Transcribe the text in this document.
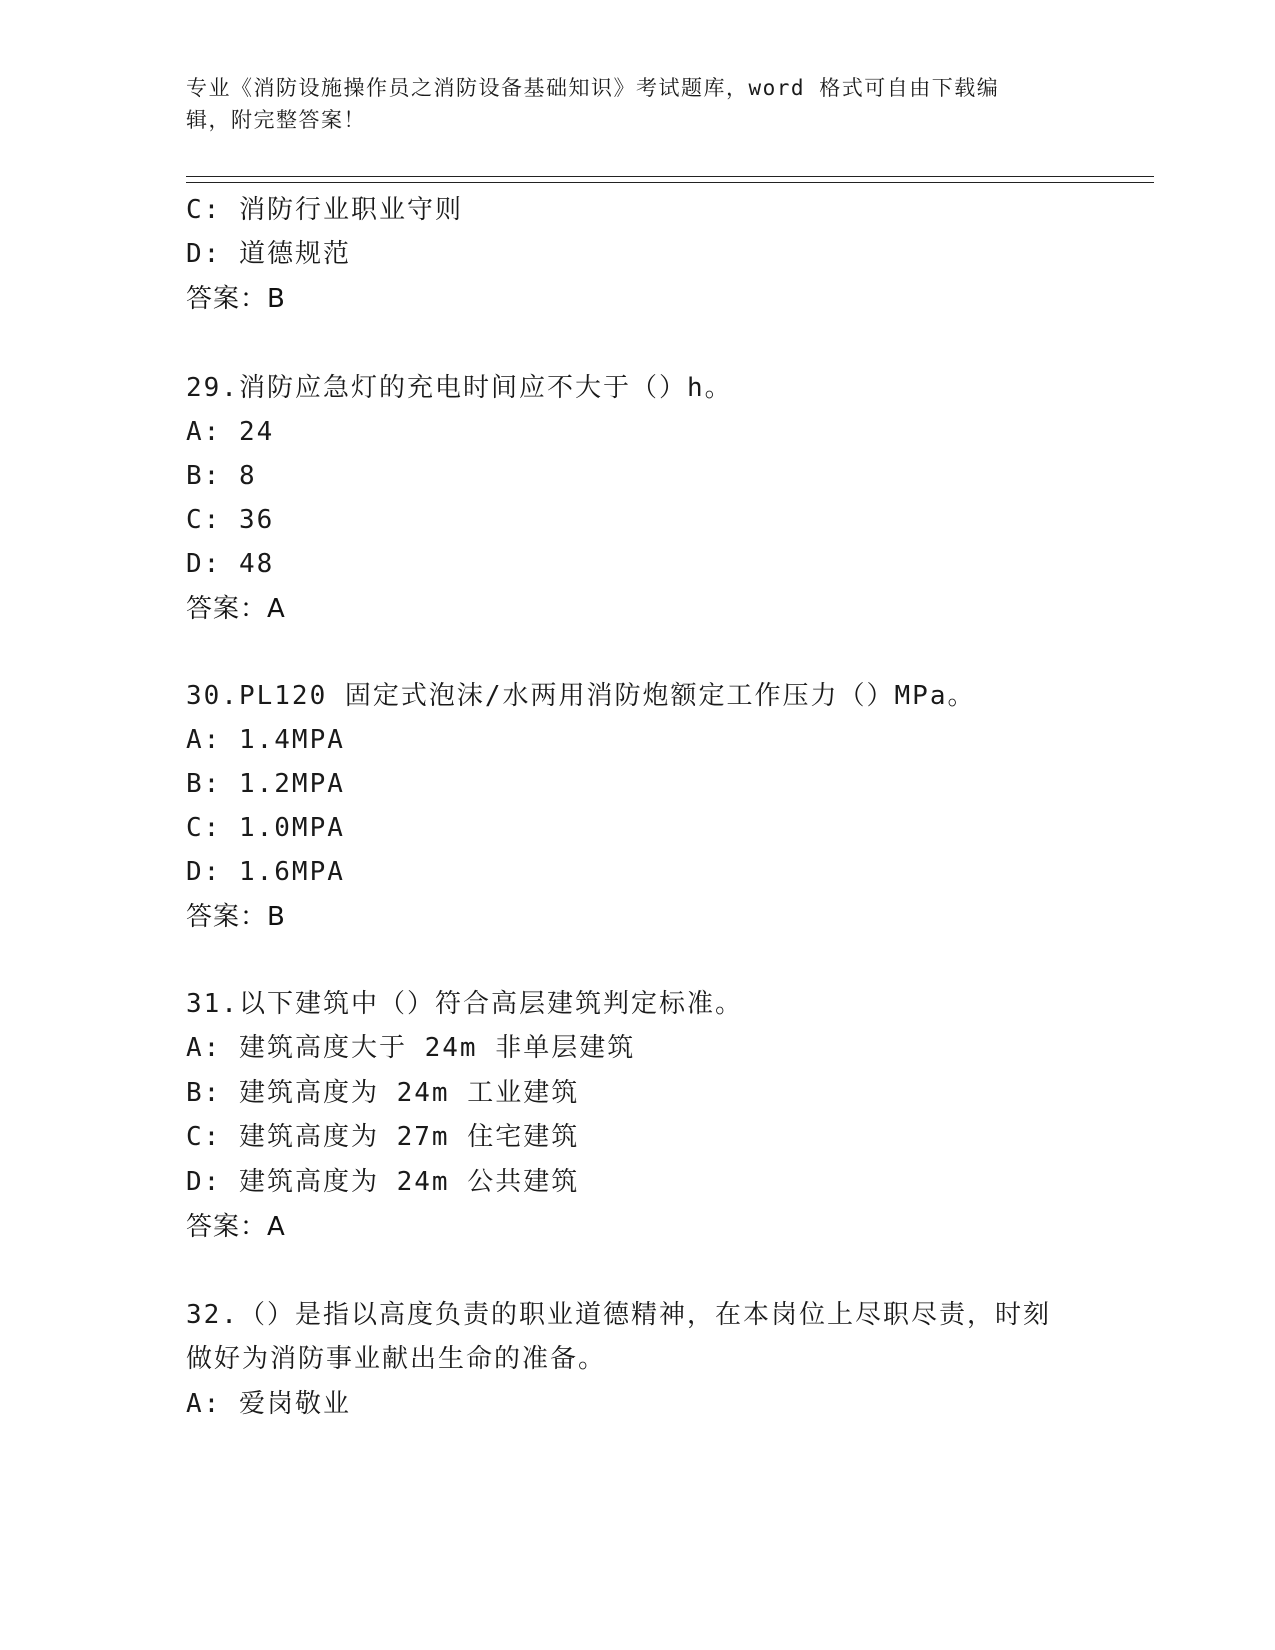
专业《消防设施操作员之消防设备基础知识》考试题库，word 格式可自由下载编
辑，附完整答案！
C: 消防行业职业守则
D: 道德规范
答案：B
29.消防应急灯的充电时间应不大于（）h。
A: 24
B: 8
C: 36
D: 48
答案：A
30.PL120 固定式泡沫/水两用消防炮额定工作压力（）MPa。
A: 1.4MPA
B: 1.2MPA
C: 1.0MPA
D: 1.6MPA
答案：B
31.以下建筑中（）符合高层建筑判定标准。
A: 建筑高度大于 24m 非单层建筑
B: 建筑高度为 24m 工业建筑
C: 建筑高度为 27m 住宅建筑
D: 建筑高度为 24m 公共建筑
答案：A
32.（）是指以高度负责的职业道德精神，在本岗位上尽职尽责，时刻
做好为消防事业献出生命的准备。
A: 爱岗敬业
